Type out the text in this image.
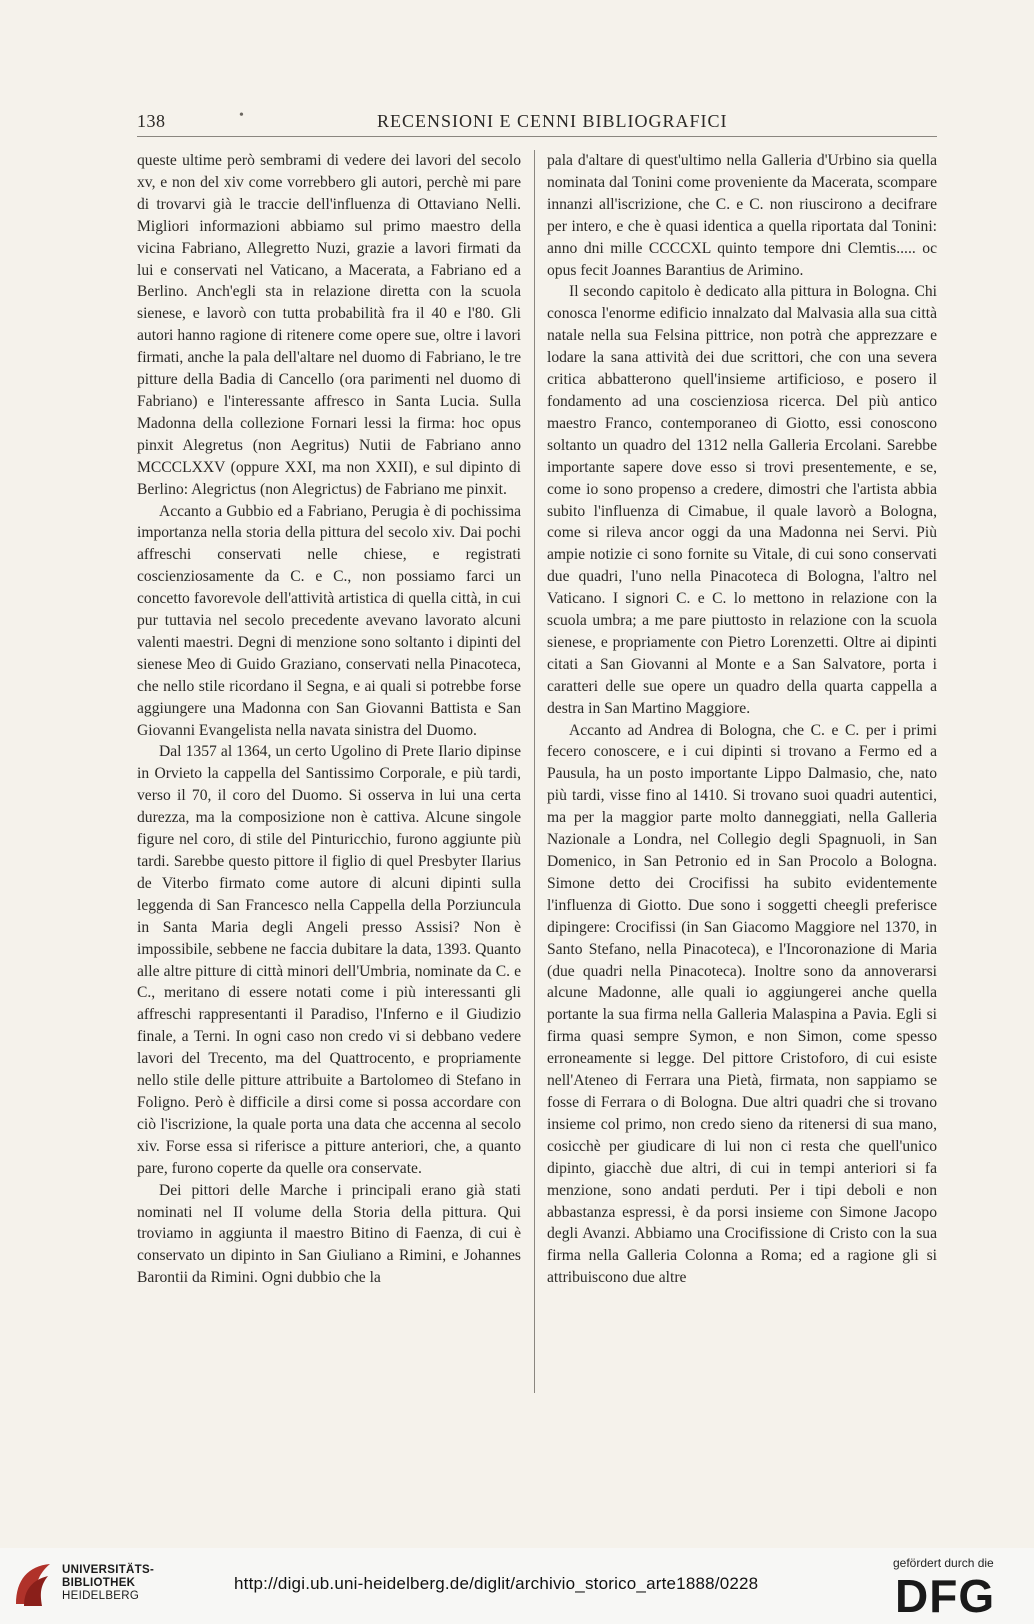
138	•	RECENSIONI E CENNI BIBLIOGRAFICI

queste ultime però sembrami di vedere dei lavori del secolo xv, e non del xiv come vorrebbero gli autori, perchè mi pare di trovarvi già le traccie dell'influenza di Ottaviano Nelli. Migliori informazioni abbiamo sul primo maestro della vicina Fabriano, Allegretto Nuzi, grazie a lavori firmati da lui e conservati nel Vaticano, a Macerata, a Fabriano ed a Berlino. Anch'egli sta in relazione diretta con la scuola sienese, e lavorò con tutta probabilità fra il 40 e l'80. Gli autori hanno ragione di ritenere come opere sue, oltre i lavori firmati, anche la pala dell'altare nel duomo di Fabriano, le tre pitture della Badia di Cancello (ora parimenti nel duomo di Fabriano) e l'interessante affresco in Santa Lucia. Sulla Madonna della collezione Fornari lessi la firma: hoc opus pinxit Alegretus (non Aegritus) Nutii de Fabriano anno MCCCLXXV (oppure XXI, ma non XXII), e sul dipinto di Berlino: Alegrictus (non Alegrictus) de Fabriano me pinxit.

Accanto a Gubbio ed a Fabriano, Perugia è di pochissima importanza nella storia della pittura del secolo xiv. Dai pochi affreschi conservati nelle chiese, e registrati coscienziosamente da C. e C., non possiamo farci un concetto favorevole dell'attività artistica di quella città, in cui pur tuttavia nel secolo precedente avevano lavorato alcuni valenti maestri. Degni di menzione sono soltanto i dipinti del sienese Meo di Guido Graziano, conservati nella Pinacoteca, che nello stile ricordano il Segna, e ai quali si potrebbe forse aggiungere una Madonna con San Giovanni Battista e San Giovanni Evangelista nella navata sinistra del Duomo.

Dal 1357 al 1364, un certo Ugolino di Prete Ilario dipinse in Orvieto la cappella del Santissimo Corporale, e più tardi, verso il 70, il coro del Duomo. Si osserva in lui una certa durezza, ma la composizione non è cattiva. Alcune singole figure nel coro, di stile del Pinturicchio, furono aggiunte più tardi. Sarebbe questo pittore il figlio di quel Presbyter Ilarius de Viterbo firmato come autore di alcuni dipinti sulla leggenda di San Francesco nella Cappella della Porziuncula in Santa Maria degli Angeli presso Assisi? Non è impossibile, sebbene ne faccia dubitare la data, 1393. Quanto alle altre pitture di città minori dell'Umbria, nominate da C. e C., meritano di essere notati come i più interessanti gli affreschi rappresentanti il Paradiso, l'Inferno e il Giudizio finale, a Terni. In ogni caso non credo vi si debbano vedere lavori del Trecento, ma del Quattrocento, e propriamente nello stile delle pitture attribuite a Bartolomeo di Stefano in Foligno. Però è difficile a dirsi come si possa accordare con ciò l'iscrizione, la quale porta una data che accenna al secolo xiv. Forse essa si riferisce a pitture anteriori, che, a quanto pare, furono coperte da quelle ora conservate.

Dei pittori delle Marche i principali erano già stati nominati nel II volume della Storia della pittura. Qui troviamo in aggiunta il maestro Bitino di Faenza, di cui è conservato un dipinto in San Giuliano a Rimini, e Johannes Barontii da Rimini. Ogni dubbio che la

pala d'altare di quest'ultimo nella Galleria d'Urbino sia quella nominata dal Tonini come proveniente da Macerata, scompare innanzi all'iscrizione, che C. e C. non riuscirono a decifrare per intero, e che è quasi identica a quella riportata dal Tonini: anno dni mille CCCCXL quinto tempore dni Clemtis..... oc opus fecit Joannes Barantius de Arimino.

Il secondo capitolo è dedicato alla pittura in Bologna. Chi conosca l'enorme edificio innalzato dal Malvasia alla sua città natale nella sua Felsina pittrice, non potrà che apprezzare e lodare la sana attività dei due scrittori, che con una severa critica abbatterono quell'insieme artificioso, e posero il fondamento ad una coscienziosa ricerca. Del più antico maestro Franco, contemporaneo di Giotto, essi conoscono soltanto un quadro del 1312 nella Galleria Ercolani. Sarebbe importante sapere dove esso si trovi presentemente, e se, come io sono propenso a credere, dimostri che l'artista abbia subito l'influenza di Cimabue, il quale lavorò a Bologna, come si rileva ancor oggi da una Madonna nei Servi. Più ampie notizie ci sono fornite su Vitale, di cui sono conservati due quadri, l'uno nella Pinacoteca di Bologna, l'altro nel Vaticano. I signori C. e C. lo mettono in relazione con la scuola umbra; a me pare piuttosto in relazione con la scuola sienese, e propriamente con Pietro Lorenzetti. Oltre ai dipinti citati a San Giovanni al Monte e a San Salvatore, porta i caratteri delle sue opere un quadro della quarta cappella a destra in San Martino Maggiore.

Accanto ad Andrea di Bologna, che C. e C. per i primi fecero conoscere, e i cui dipinti si trovano a Fermo ed a Pausula, ha un posto importante Lippo Dalmasio, che, nato più tardi, visse fino al 1410. Si trovano suoi quadri autentici, ma per la maggior parte molto danneggiati, nella Galleria Nazionale a Londra, nel Collegio degli Spagnuoli, in San Domenico, in San Petronio ed in San Procolo a Bologna. Simone detto dei Crocifissi ha subito evidentemente l'influenza di Giotto. Due sono i soggetti cheegli preferisce dipingere: Crocifissi (in San Giacomo Maggiore nel 1370, in Santo Stefano, nella Pinacoteca), e l'Incoronazione di Maria (due quadri nella Pinacoteca). Inoltre sono da annoverarsi alcune Madonne, alle quali io aggiungerei anche quella portante la sua firma nella Galleria Malaspina a Pavia. Egli si firma quasi sempre Symon, e non Simon, come spesso erroneamente si legge. Del pittore Cristoforo, di cui esiste nell'Ateneo di Ferrara una Pietà, firmata, non sappiamo se fosse di Ferrara o di Bologna. Due altri quadri che si trovano insieme col primo, non credo sieno da ritenersi di sua mano, cosicchè per giudicare di lui non ci resta che quell'unico dipinto, giacchè due altri, di cui in tempi anteriori si fa menzione, sono andati perduti. Per i tipi deboli e non abbastanza espressi, è da porsi insieme con Simone Jacopo degli Avanzi. Abbiamo una Crocifissione di Cristo con la sua firma nella Galleria Colonna a Roma; ed a ragione gli si attribuiscono due altre

UNIVERSITÄTS-
BIBLIOTHEK
HEIDELBERG
http://digi.ub.uni-heidelberg.de/diglit/archivio_storico_arte1888/0228
gefördert durch die
DFG
